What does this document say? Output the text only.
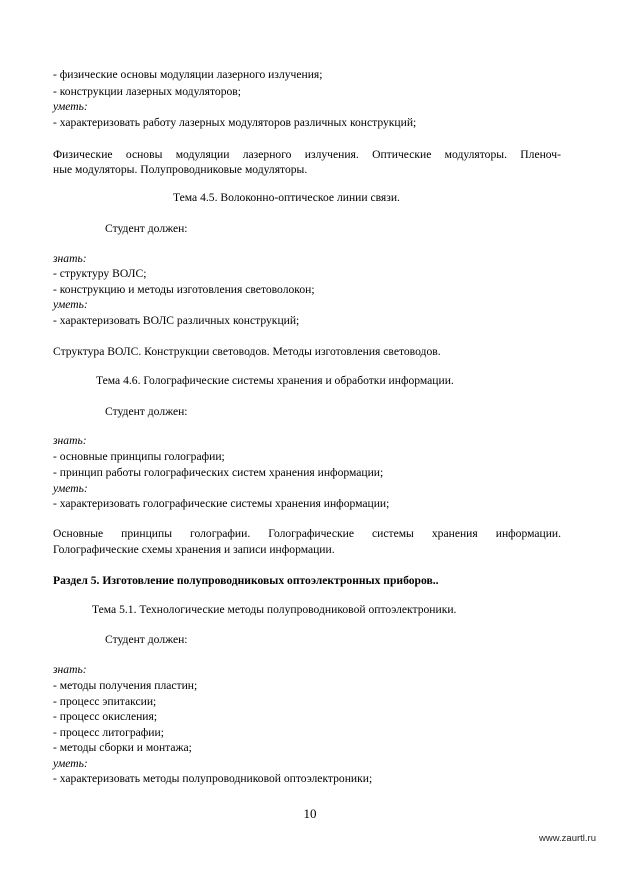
- физические основы модуляции лазерного излучения;

- конструкции лазерных модуляторов;

уметь:

- характеризовать работу лазерных модуляторов различных конструкций;

Физические основы модуляции лазерного излучения. Оптические модуляторы. Пленоч-

ные модуляторы. Полупроводниковые модуляторы.

Тема 4.5. Волоконно-оптическое линии связи.

Студент должен:

знать:

- структуру ВОЛС;

- конструкцию и методы изготовления световолокон;

уметь:

- характеризовать ВОЛС различных конструкций;

Структура ВОЛС. Конструкции световодов. Методы изготовления световодов.

Тема 4.6. Голографические системы хранения и обработки информации.

Студент должен:

знать:

- основные принципы голографии;

- принцип работы голографических систем хранения информации;

уметь:

- характеризовать голографические системы хранения информации;

Основные принципы голографии. Голографические системы хранения информации.

Голографические схемы хранения и записи информации.

Раздел 5. Изготовление полупроводниковых оптоэлектронных приборов..

Тема 5.1. Технологические методы полупроводниковой оптоэлектроники.

Студент должен:

знать:

- методы получения пластин;

- процесс эпитаксии;

- процесс окисления;

- процесс литографии;

- методы сборки и монтажа;

уметь:

- характеризовать методы полупроводниковой оптоэлектроники;

10

www.zaurtl.ru
